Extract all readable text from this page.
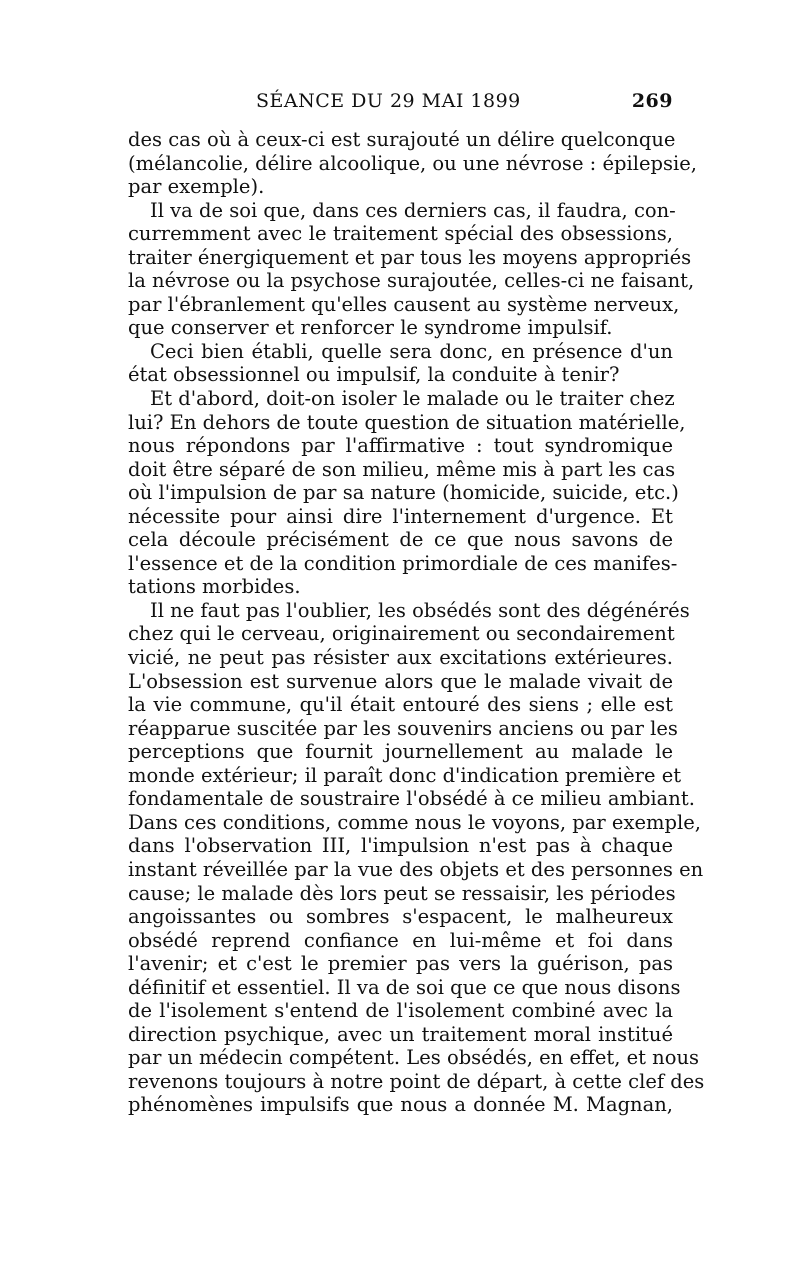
SÉANCE DU 29 MAI 1899	269
des cas où à ceux-ci est surajouté un délire quelconque
(mélancolie, délire alcoolique, ou une névrose : épilepsie,
par exemple).
Il va de soi que, dans ces derniers cas, il faudra, con-
curremment avec le traitement spécial des obsessions,
traiter énergiquement et par tous les moyens appropriés
la névrose ou la psychose surajoutée, celles-ci ne faisant,
par l'ébranlement qu'elles causent au système nerveux,
que conserver et renforcer le syndrome impulsif.
Ceci bien établi, quelle sera donc, en présence d'un
état obsessionnel ou impulsif, la conduite à tenir?
Et d'abord, doit-on isoler le malade ou le traiter chez
lui? En dehors de toute question de situation matérielle,
nous répondons par l'affirmative : tout syndromique
doit être séparé de son milieu, même mis à part les cas
où l'impulsion de par sa nature (homicide, suicide, etc.)
nécessite pour ainsi dire l'internement d'urgence. Et
cela découle précisément de ce que nous savons de
l'essence et de la condition primordiale de ces manifes-
tations morbides.
Il ne faut pas l'oublier, les obsédés sont des dégénérés
chez qui le cerveau, originairement ou secondairement
vicié, ne peut pas résister aux excitations extérieures.
L'obsession est survenue alors que le malade vivait de
la vie commune, qu'il était entouré des siens ; elle est
réapparue suscitée par les souvenirs anciens ou par les
perceptions que fournit journellement au malade le
monde extérieur; il paraît donc d'indication première et
fondamentale de soustraire l'obsédé à ce milieu ambiant.
Dans ces conditions, comme nous le voyons, par exemple,
dans l'observation III, l'impulsion n'est pas à chaque
instant réveillée par la vue des objets et des personnes en
cause; le malade dès lors peut se ressaisir, les périodes
angoissantes ou sombres s'espacent, le malheureux
obsédé reprend confiance en lui-même et foi dans
l'avenir; et c'est le premier pas vers la guérison, pas
définitif et essentiel. Il va de soi que ce que nous disons
de l'isolement s'entend de l'isolement combiné avec la
direction psychique, avec un traitement moral institué
par un médecin compétent. Les obsédés, en effet, et nous
revenons toujours à notre point de départ, à cette clef des
phénomènes impulsifs que nous a donnée M. Magnan,
